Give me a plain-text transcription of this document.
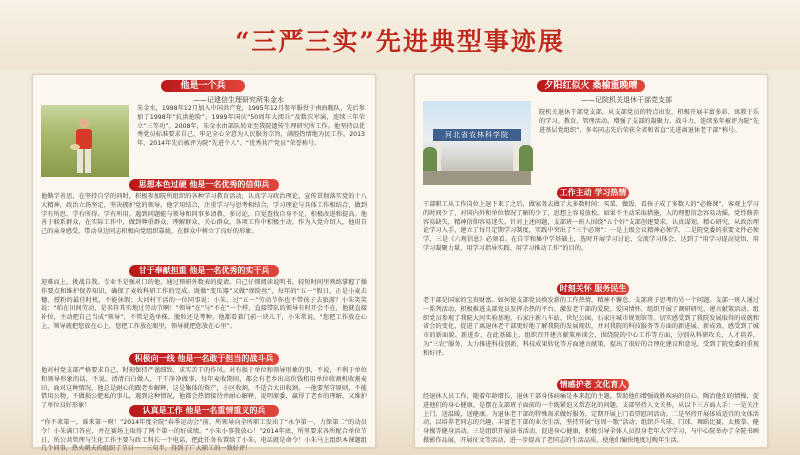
“三严三实”先进典型事迹展
他是一个兵
——记建信生理研究所朱金水
朱金水，1998年12月加入中国共产党，1995年12月参军服役于南海舰队，先后参加了1998年“抗洪抢险”、1999年国庆“50周年大阅兵”及数次军演，连续三年荣立“三等功”。2008年，朱金水由部队转业至我院遗传生理研究所工作。他坚持以优秀党员标准要求自己，牢记全心全意为人民服务宗旨，满腔热情地为民工作。2013年，2014年先后被评为院“先进个人”、“优秀共产党员”荣誉称号。
思想本色过硬 他是一名优秀的信仰兵
他勤学善思，在坚持自学的同时，积极参加院所组织的各种学习教育活动，认真学习政治理论，宣传贯彻落实党的十八大精神，政治立场坚定，坚决拥护党的领导。他学用结合，注重学习与思考相结合，学习理论与具体工作相结合，做到学有所思、学有所得、学有所用。遇到问题能与领导和同事多请教、多讨论，自觉查找自身不足，积极改进和提高。他善于联系群众，在实际工作中，做到尊重群众、理解群众、关心群众，各项工作中积极主动，作为入党介绍人，他用自己的亲身感受，带动身边同志积极向党组织靠拢，在群众中树立了良好的形象。
甘于奉献担重 他是一名优秀的实干兵
迎难而上，挑战自我。专业不是强对口的他，通过预研外数表的提请，自己仔细阅读说明书，较短时间里熟练掌握了操作要点和维护保养知识，确保了麦收科研工作的完成。既做“变压器”又做“保险丝”，每年的“五一”假日，正是小麦去穗、授粉的最佳时机，不能休假；大河村干活的一位同事说：小朱，过“五一”劳动节你也不带孩子去旅游？小朱笑笑说：“咱在田间劳动，是名符其实地过劳动节啊！”领导“在”与“不在”一个样，直接带队的领导有时开会不在，他就直接补位，主动把自己当成“领导”，不管是选单株、脱粒还是考种，他都看着门前一块儿干，小朱常说，“您把工作放在心上，领导就把您放在心上，您把工作放在眼里，领导就把您放在心里”。
积极向一线 他是一名敢于担当的战斗兵
他对村党支部严格要求自己，时刻保持严谨细致、求实苦干的作风。对有损于单位和领导形象的事，不说，不利于单位和领导形象的话，不说。清清白白做人，干干净净做事，每年麦收期间，都会有老乡出高价钱租用单位收割机收割麦田，面对这种情况，他总是耐心的跟老乡解释，这是集体的资产，小区收割，不适合大田收割。一他要坚守原则，不能借用公物，不做损公肥私的事儿，遇到这种情况，他都会热情接待并耐心解释，说明原委，赢得了老乡的理解，又维护了单位良好形象！
认真是工作 他是一名重情重义的兵
“你不来第一，谁来第一呀！”2014年度全院“春季运动会”前，所领导向全所职工发出了“永争第一，力保第二”的动员令！小朱满口答应，并在赛场上取得了两个第一的好成绩。“小朱小事我放心！”2014年底，所里要求各所配合单位节日，所公共管理与生化工作主要与政工科长一个电话，把此任务布置给了小朱，电话就是命令！小朱马上组织本课题组几个同事，热火朝天的组织了节目一一三句半，得到了广大职工的一致好评！
夕阳红似火 桑榆重晚晴
——记院机关退休干部党支部
河北省农林科学院
院机关退休干部党支部，从支部党员的特点出发，积极开展丰富多彩、寓教于乐的学习、教育、管理活动，增强了支部的凝聚力、战斗力，连续多年被评为院“先进基层党组织”，多名同志先后荣获全省和省直“先进离退休老干部”称号。
工作主动 学习热情
干部职工从工作岗位上退下来了之后，做家务去做了大多数时间：买菜、做饭、看孩子成了多数人的“必修课”，客观上学习的时间少了，对国内外和单位情况了解的少了，思想上容易放松。如果不主动采取措施，人的理想信念容易动摇，党性修养容易缺失，精神信仰容易迷失。针对上述问题，支部班一班人围绕“五个好”支部创建要求，认真谋划，精心研究，从政治理论学习入手，建立了每月定期学习制度，实践中突出了“三个必须”：一是上级会议精神必须学，二是院党委的重要文件必须学，三是《六观信息》必须看。在自学和集中学基础上，选时开展学习讨论、交流学习体会，达到了“用学习提高觉悟、用学习凝聚力量、用学习指导实践、用学习推动工作”的目的。
时刻关怀 服务民生
老干部是国家的宝贵财富。如何使支部党员焕发新的工作热情，精神不懈怠。支部班子思考的另一个问题。支部一班人通过一系列活动，积极推进支部党员发挥余热的平台。激发老干部的爱院、爱国情怀，组织开展了调研研究、建言献策活动。组织党员参观了我院大河实验基地、石家庄新八车站、世纪公园、石家庄城市规划馆等。切实感受到了我院发展取得的成就和省会的变化，促进了离退休老干部更好地了解我院的发展现状，并对我院的科技服务等方面的新进展、新成效、感受到了城市的新面貌、新进步，在此基础上，组织召开建言献策座谈会，围绕院的中心工作等方面，分别从科研攻关、人才培养、为“三农”服务、大力推进科技创新、科技成果转化等方面建言献策，提出了很好的合理化建议和意见，受到了院党委的重视和好评。
情感护老 文化育人
经退休人员工作，随着年龄增长，退休干部身体病痛是本来起的主题，帮助他们增强战胜疾病的信心，陶冶他们的情操，促进他们的身心健康，是摆在支部班子面前的一个既紧迫又常态化的问题。支部坚持人文关怀，从以下三方面人手：一是关注上门，送温暖，送健康。为退休老干部的特殊需求做好服务，定期开展上门看望慰问活动。二是坚持开展体质适宜的文体活动，以培养老同志的兴趣，丰富老干部的业余生活，坚持开展“每周一歌”活动；组织乒乓球、门球、舞蹈比赛，太极拳、健身操等健身活动。三是组织开展读书活动，促进身心健康，积极引导全体人员投身老年大学学习，与中心院举办了全院书画摄影作品展，开展征文等活动，进一步提高了老同志的生活品质，使他们愉快地度过晚年生活。
